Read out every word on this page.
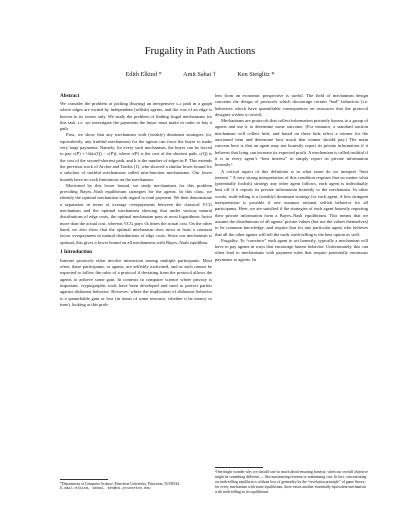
Frugality in Path Auctions
Edith Elkind *	Amit Sahai †	Ken Steiglitz *
Abstract

We consider the problem of picking (buying) an inexpensive s–t path in a graph where edges are owned by independent (selfish) agents, and the cost of an edge is known to its owner only. We study the problem of finding frugal mechanisms for this task, i.e. we investigate the payments the buyer must make in order to buy a path.

First, we show that any mechanism with (weakly) dominant strategies (or, equivalently, any truthful mechanism) for the agents can force the buyer to make very large payments. Namely, for every such mechanism, the buyer can be forced to pay c(P) + ½k(c(Q) − c(P)), where c(P) is the cost of the shortest path, c(Q) is the cost of the second-shortest path, and k is the number of edges in P. This extends the previous work of Archer and Tardos [1], who showed a similar lower bound for a subclass of truthful mechanisms called min-function mechanisms. Our lower bounds have no such limitations on the mechanism.

Motivated by this lower bound, we study mechanisms for this problem providing Bayes–Nash equilibrium strategies for the agents. In this class, we identify the optimal mechanism with regard to total payment. We then demonstrate a separation in terms of average overpayments between the classical VCG mechanism and the optimal mechanism showing that under various natural distributions of edge costs, the optimal mechanism pays at most logarithmic factor more than the actual cost, whereas VCG pays √k times the actual cost. On the other hand, we also show that the optimal mechanism does incur at least a constant factor overpayment in natural distributions of edge costs. Since our mechanism is optimal, this gives a lower bound on all mechanisms with Bayes–Nash equilibria.

1 Introduction

Internet protocols often involve interaction among multiple participants. Most often, these participants, or agents, are selfishly motivated, and as such cannot be expected to follow the rules of a protocol if deviating from the protocol allows the agents to achieve some gain. In contexts in computer science where privacy is important, cryptographic tools have been developed and used to protect parties against dishonest behavior. However, where the implication of dishonest behavior is a quantifiable gain or loss (in terms of some resource, whether it be money or time), looking at this prob-

lem from an economic perspective is useful. The field of mechanism design concerns the design of protocols which discourage certain “bad” behaviors (i.e. behaviors which have quantifiable consequences on resources that the protocol designer wishes to avoid).

Mechanisms are protocols that collect information privately known to a group of agents and use it to determine some outcome. (For instance, a standard auction mechanism will collect bids, and based on these bids select a winner for the auctioned item and determine how much that winner should pay.) The main concern here is that an agent may not honestly report its private information if it believes that lying can increase its expected profit. A mechanism is called truthful if it is in every agent’s “best interest” to simply report its private information honestly.¹

A critical aspect of this definition is in what sense do we interpret “best interest.” A very strong interpretation of this condition requires that no matter what (potentially foolish) strategy any other agent follows, each agent is individually best off if it reports its private information honestly to the mechanism. In other words, truth-telling is a (weakly) dominant strategy for each agent. A less stringent interpretation is possible if one assumes rational selfish behavior for all participants. Here, we are satisfied if the strategies of each agent honestly reporting their private information form a Bayes–Nash equilibrium. This means that we assume the distributions of all agents’ private values (but not the values themselves) to be common knowledge, and require that for any particular agent who believes that all the other agents will tell the truth, truth-telling is the best option as well.

Frugality. To “convince” each agent to act honestly, typically a mechanism will have to pay agents in ways that encourage honest behavior. Unfortunately, this can often lead to mechanisms with payment rules that require potentially enormous payments to agents. In

*Department of Computer Science, Princeton University, Princeton, NJ 08544.

E-mail:elkind, sahai, ken@cs.princeton.edu

¹One might wonder why we should care so much about ensuring honesty, when our overall objective might be something different — like maximizing revenue or minimizing cost. In fact, concentrating on truth-telling equilibria is without loss of generality by the “revelation principle” of game theory: for every mechanism with some equilibrium, there exists another essentially equivalent mechanism with truth-telling as its equilibrium.
